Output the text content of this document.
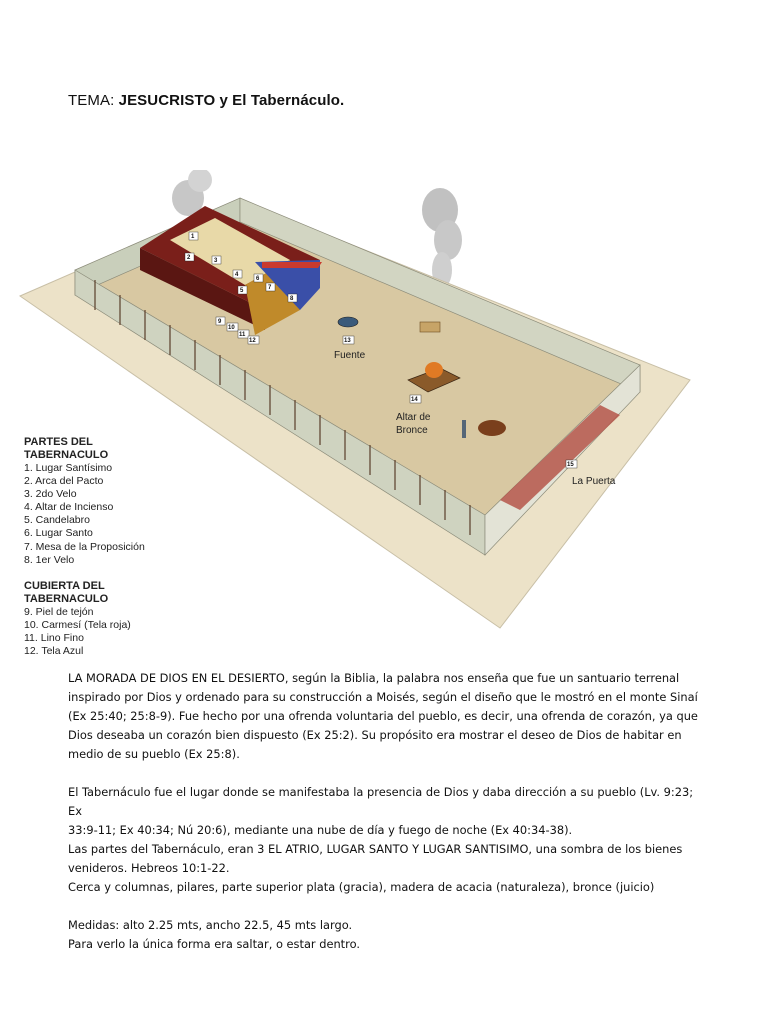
TEMA: JESUCRISTO y El Tabernáculo.
1
2	3
4
5
6
7
8
9
10
11
12	13
14
15
Fuente
Altar de
Bronce
La Puerta
PARTES DEL
TABERNACULO
1. Lugar Santísimo
2. Arca del Pacto
3. 2do Velo
4. Altar de Incienso
5. Candelabro
6. Lugar Santo
7. Mesa de la Proposición
8. 1er Velo
CUBIERTA DEL
TABERNACULO
9. Piel de tejón
10. Carmesí (Tela roja)
11. Lino Fino
12. Tela Azul

LA MORADA DE DIOS EN EL DESIERTO, según la Biblia, la palabra nos enseña que fue un santuario terrenal

inspirado por Dios y ordenado para su construcción a Moisés, según el diseño que le mostró en el monte Sinaí

(Ex 25:40; 25:8-9). Fue hecho por una ofrenda voluntaria del pueblo, es decir, una ofrenda de corazón, ya que

Dios deseaba un corazón bien dispuesto (Ex 25:2). Su propósito era mostrar el deseo de Dios de habitar en

medio de su pueblo (Ex 25:8).

El Tabernáculo fue el lugar donde se manifestaba la presencia de Dios y daba dirección a su pueblo (Lv. 9:23; Ex

33:9-11; Ex 40:34; Nú 20:6), mediante una nube de día y fuego de noche (Ex 40:34-38).

Las partes del Tabernáculo, eran 3 EL ATRIO, LUGAR SANTO Y LUGAR SANTISIMO, una sombra de los bienes

venideros. Hebreos 10:1-22.

Cerca y columnas, pilares, parte superior plata (gracia), madera de acacia (naturaleza), bronce (juicio)

Medidas: alto 2.25 mts, ancho 22.5, 45 mts largo.

Para verlo la única forma era saltar, o estar dentro.
